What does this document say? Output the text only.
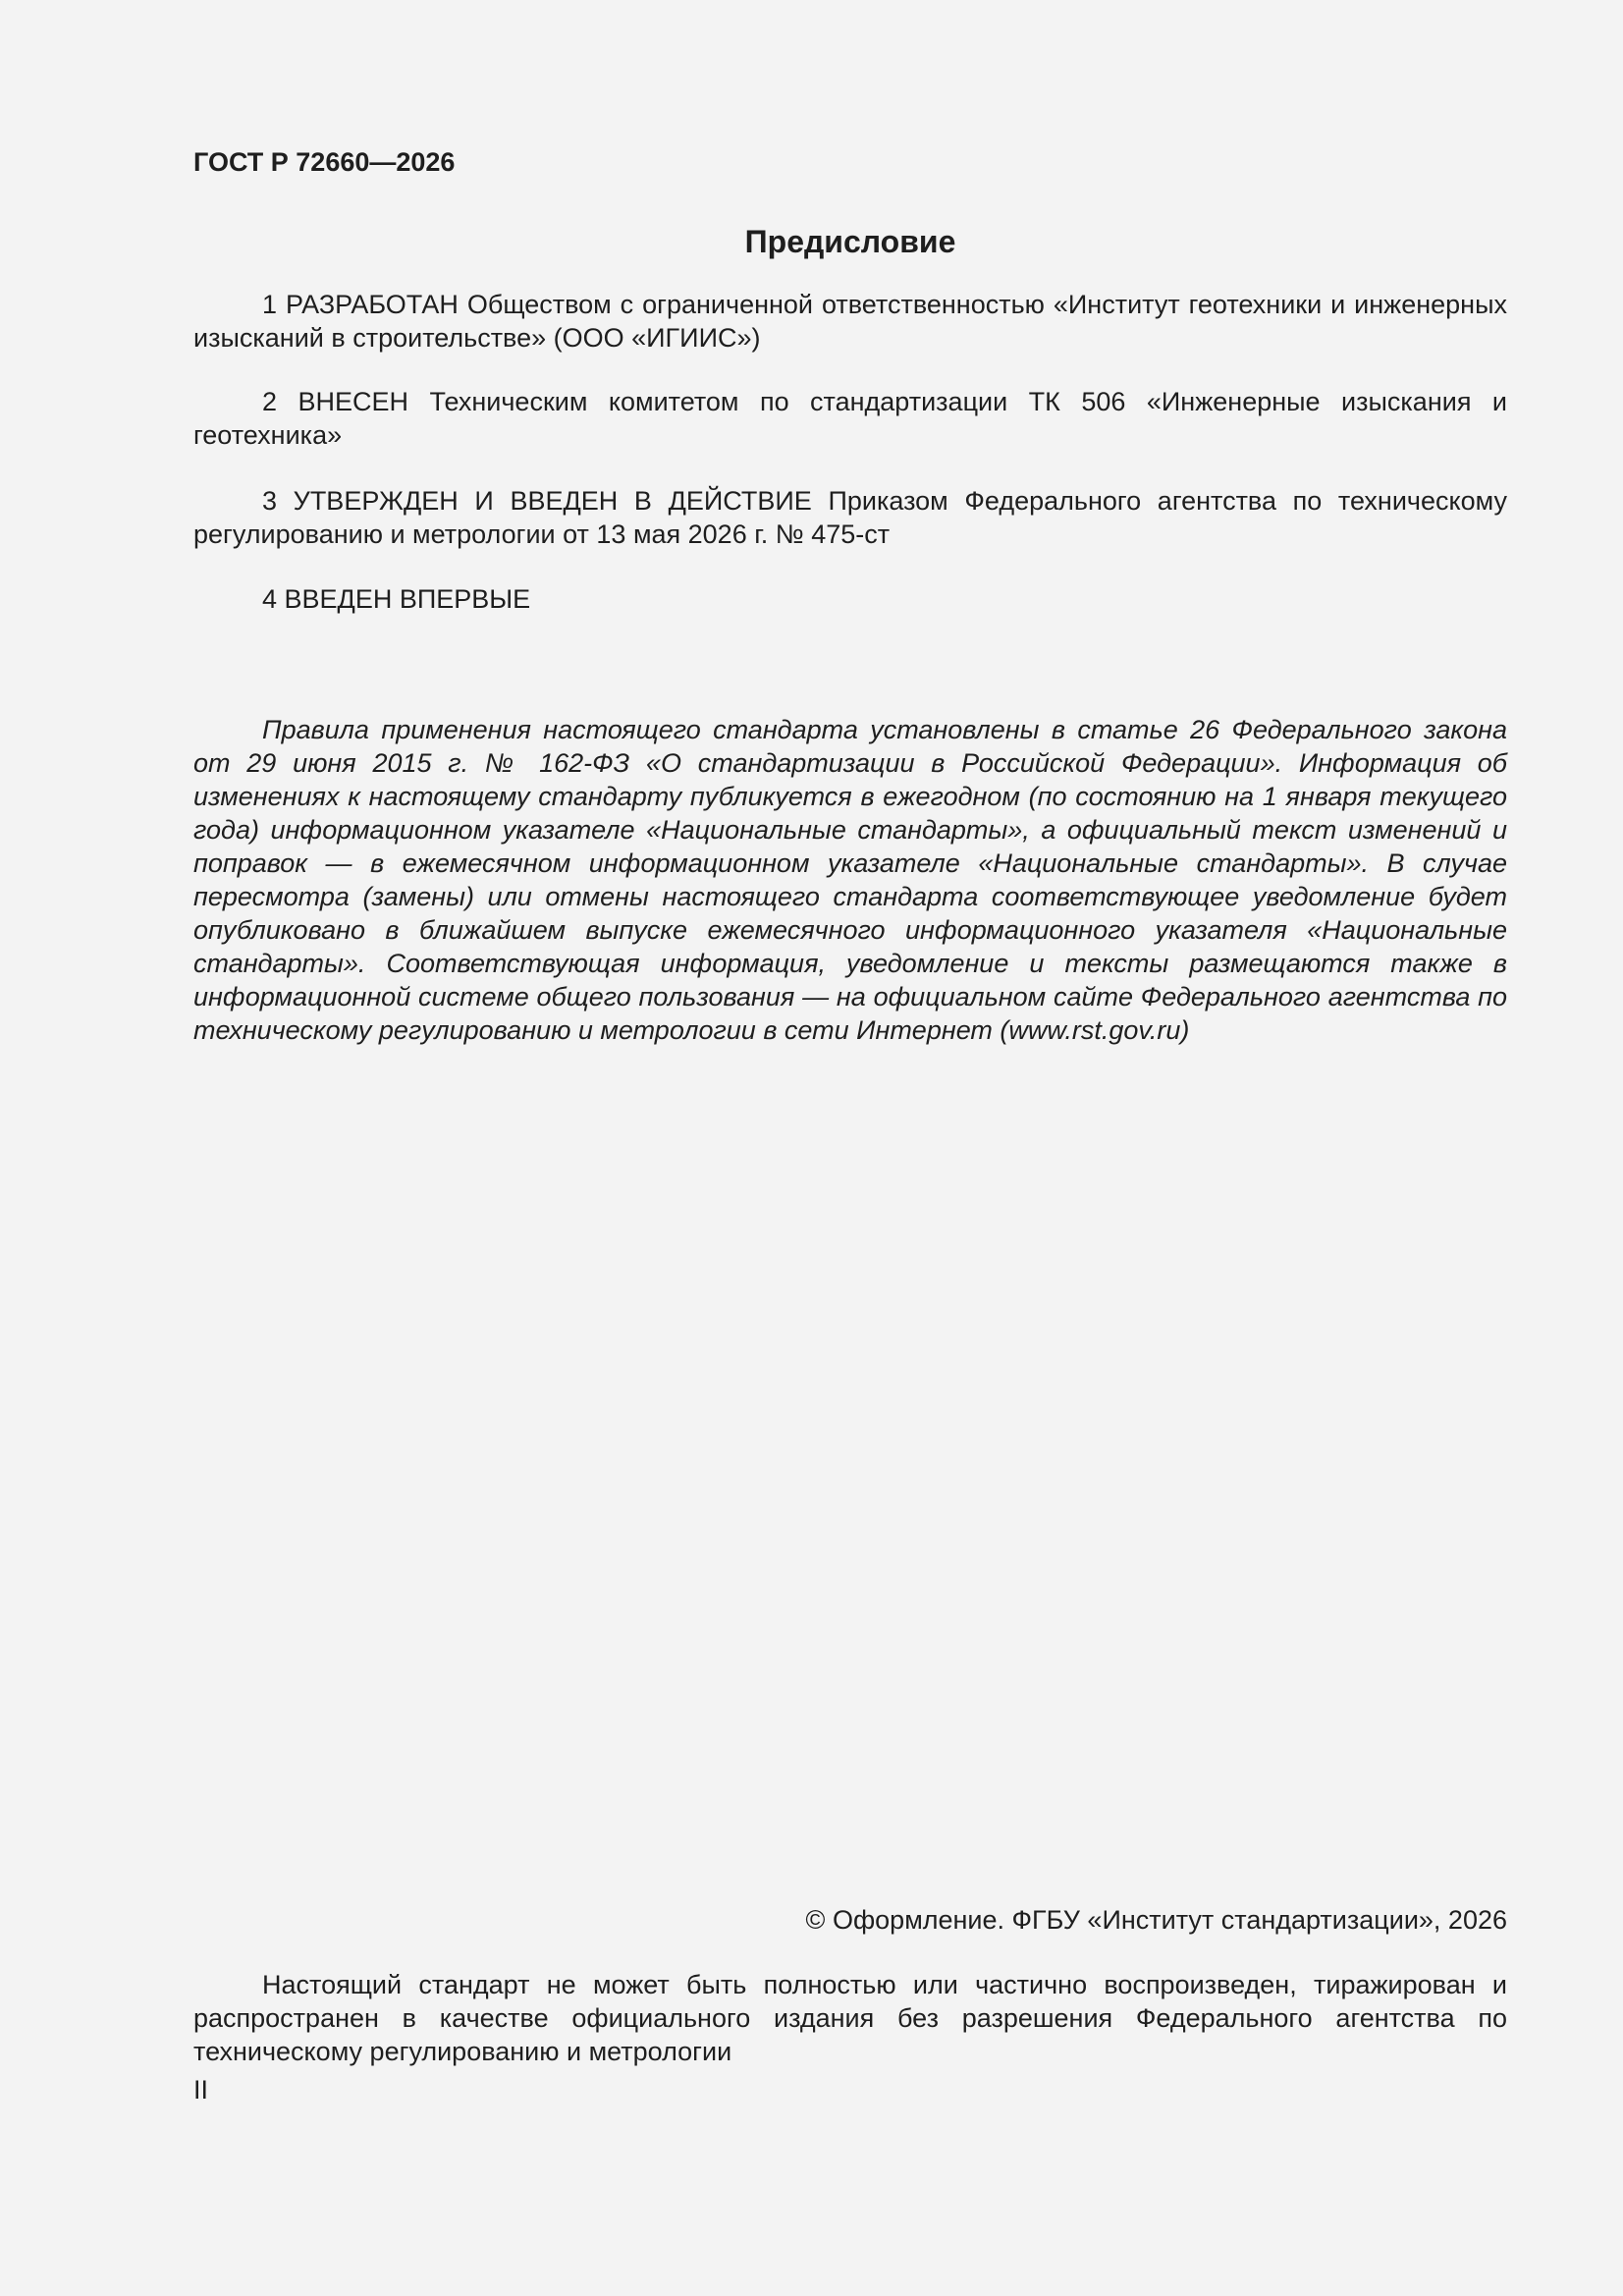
ГОСТ Р 72660—2026

Предисловие

1 РАЗРАБОТАН Обществом с ограниченной ответственностью «Институт геотехники и инженерных изысканий в строительстве» (ООО «ИГИИС»)

2 ВНЕСЕН Техническим комитетом по стандартизации ТК 506 «Инженерные изыскания и геотехника»

3 УТВЕРЖДЕН И ВВЕДЕН В ДЕЙСТВИЕ Приказом Федерального агентства по техническому регулированию и метрологии от 13 мая 2026 г. № 475-ст

4 ВВЕДЕН ВПЕРВЫЕ

Правила применения настоящего стандарта установлены в статье 26 Федерального закона от 29 июня 2015 г. № 162-ФЗ «О стандартизации в Российской Федерации». Информация об изменениях к настоящему стандарту публикуется в ежегодном (по состоянию на 1 января текущего года) информационном указателе «Национальные стандарты», а официальный текст изменений и поправок — в ежемесячном информационном указателе «Национальные стандарты». В случае пересмотра (замены) или отмены настоящего стандарта соответствующее уведомление будет опубликовано в ближайшем выпуске ежемесячного информационного указателя «Национальные стандарты». Соответствующая информация, уведомление и тексты размещаются также в информационной системе общего пользования — на официальном сайте Федерального агентства по техническому регулированию и метрологии в сети Интернет (www.rst.gov.ru)

© Оформление. ФГБУ «Институт стандартизации», 2026

Настоящий стандарт не может быть полностью или частично воспроизведен, тиражирован и распространен в качестве официального издания без разрешения Федерального агентства по техническому регулированию и метрологии

II
